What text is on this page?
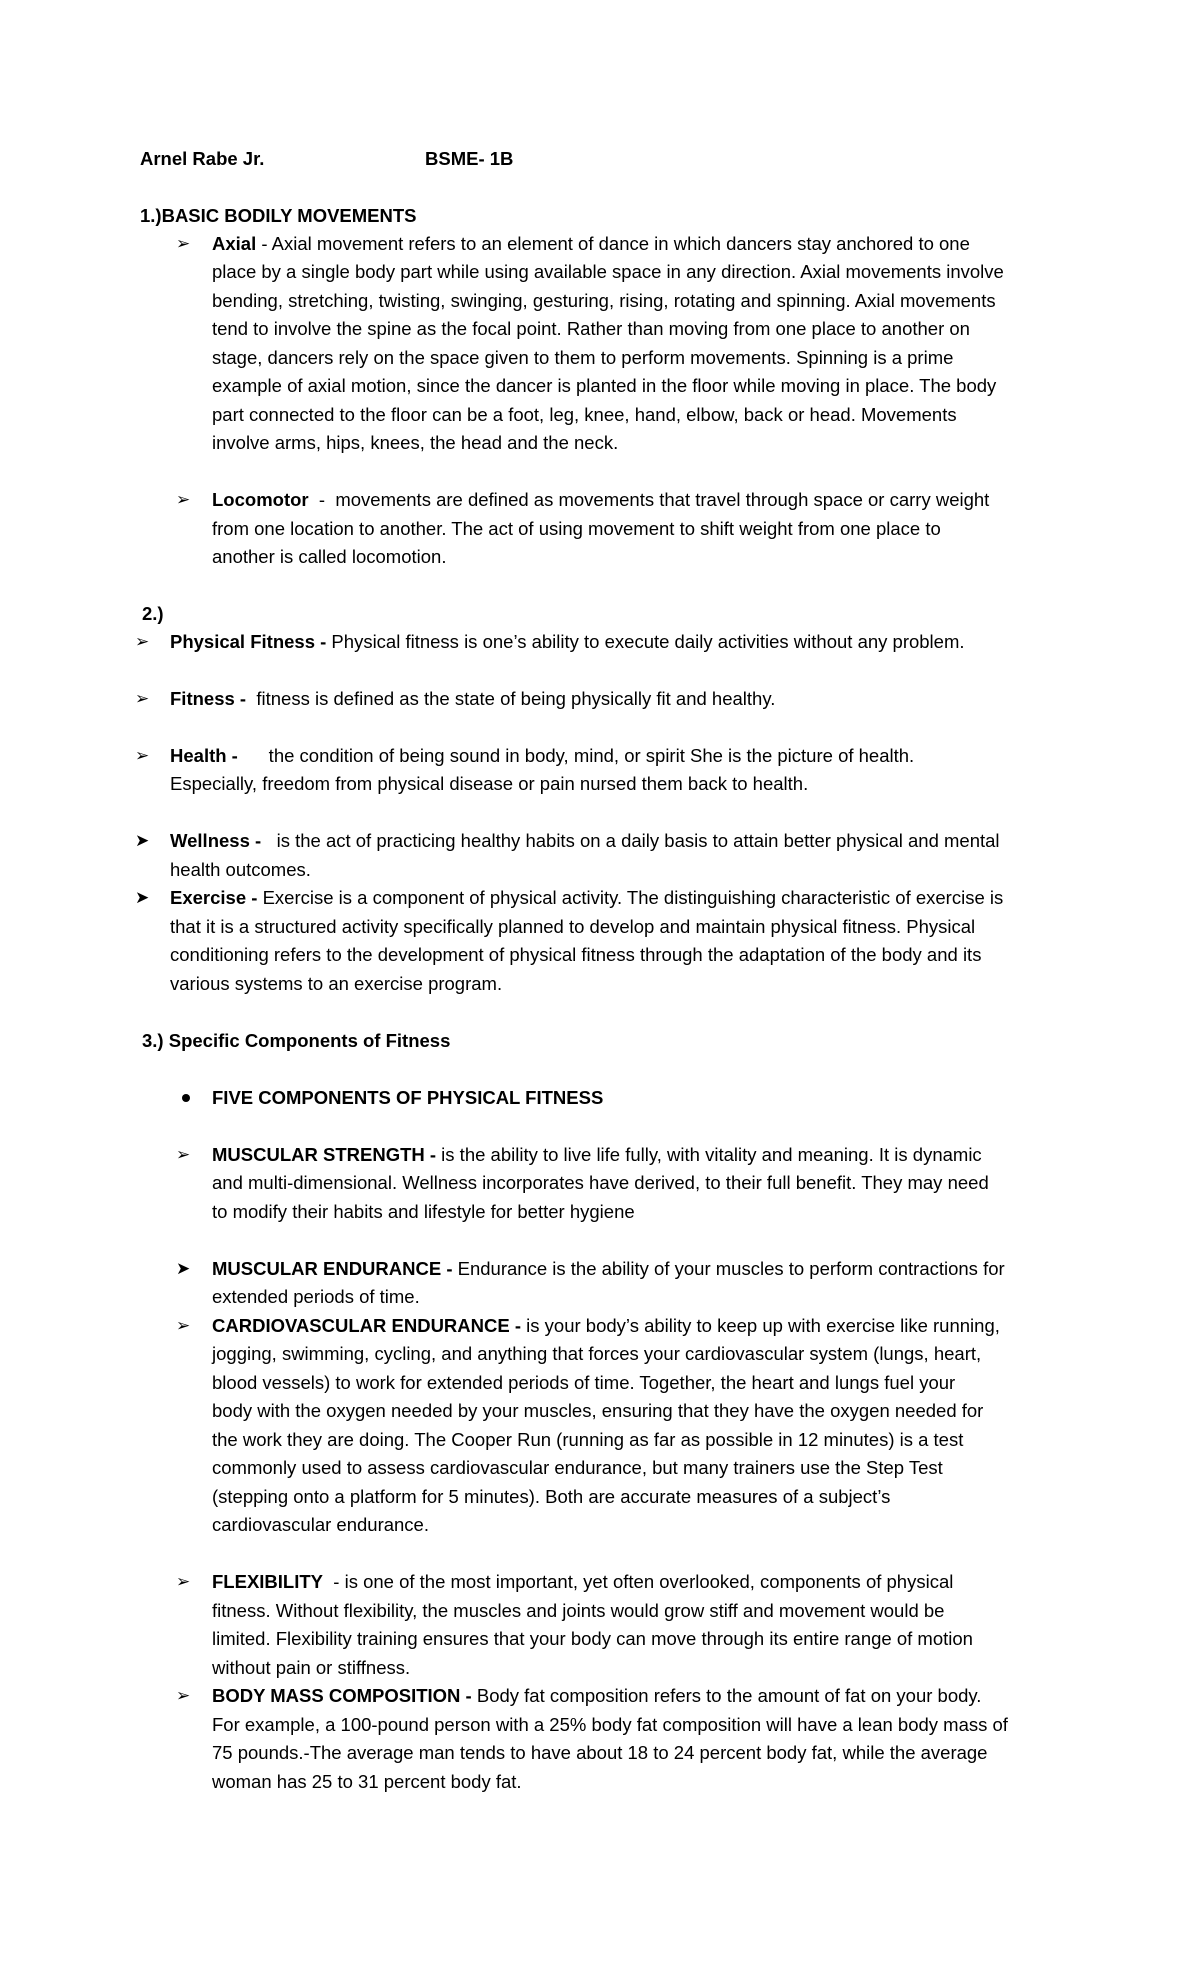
Arnel Rabe Jr.	BSME- 1B
1.)BASIC BODILY MOVEMENTS
➢ Axial - Axial movement refers to an element of dance in which dancers stay anchored to one
place by a single body part while using available space in any direction. Axial movements involve
bending, stretching, twisting, swinging, gesturing, rising, rotating and spinning. Axial movements
tend to involve the spine as the focal point. Rather than moving from one place to another on
stage, dancers rely on the space given to them to perform movements. Spinning is a prime
example of axial motion, since the dancer is planted in the floor while moving in place. The body
part connected to the floor can be a foot, leg, knee, hand, elbow, back or head. Movements
involve arms, hips, knees, the head and the neck.
➢ Locomotor  -  movements are defined as movements that travel through space or carry weight
from one location to another. The act of using movement to shift weight from one place to
another is called locomotion.
2.)
➢ Physical Fitness - Physical fitness is one’s ability to execute daily activities without any problem.
➢ Fitness -  fitness is defined as the state of being physically fit and healthy.
➢ Health -      the condition of being sound in body, mind, or spirit She is the picture of health.
Especially, freedom from physical disease or pain nursed them back to health.
➤ Wellness -   is the act of practicing healthy habits on a daily basis to attain better physical and mental
health outcomes.
➤ Exercise - Exercise is a component of physical activity. The distinguishing characteristic of exercise is
that it is a structured activity specifically planned to develop and maintain physical fitness. Physical
conditioning refers to the development of physical fitness through the adaptation of the body and its
various systems to an exercise program.
3.) Specific Components of Fitness
FIVE COMPONENTS OF PHYSICAL FITNESS
➢ MUSCULAR STRENGTH - is the ability to live life fully, with vitality and meaning. It is dynamic
and multi-dimensional. Wellness incorporates have derived, to their full benefit. They may need
to modify their habits and lifestyle for better hygiene
➤ MUSCULAR ENDURANCE - Endurance is the ability of your muscles to perform contractions for
extended periods of time.
➢ CARDIOVASCULAR ENDURANCE - is your body’s ability to keep up with exercise like running,
jogging, swimming, cycling, and anything that forces your cardiovascular system (lungs, heart,
blood vessels) to work for extended periods of time. Together, the heart and lungs fuel your
body with the oxygen needed by your muscles, ensuring that they have the oxygen needed for
the work they are doing. The Cooper Run (running as far as possible in 12 minutes) is a test
commonly used to assess cardiovascular endurance, but many trainers use the Step Test
(stepping onto a platform for 5 minutes). Both are accurate measures of a subject’s
cardiovascular endurance.
➢ FLEXIBILITY  - is one of the most important, yet often overlooked, components of physical
fitness. Without flexibility, the muscles and joints would grow stiff and movement would be
limited. Flexibility training ensures that your body can move through its entire range of motion
without pain or stiffness.
➢ BODY MASS COMPOSITION - Body fat composition refers to the amount of fat on your body.
For example, a 100-pound person with a 25% body fat composition will have a lean body mass of
75 pounds.-The average man tends to have about 18 to 24 percent body fat, while the average
woman has 25 to 31 percent body fat.
